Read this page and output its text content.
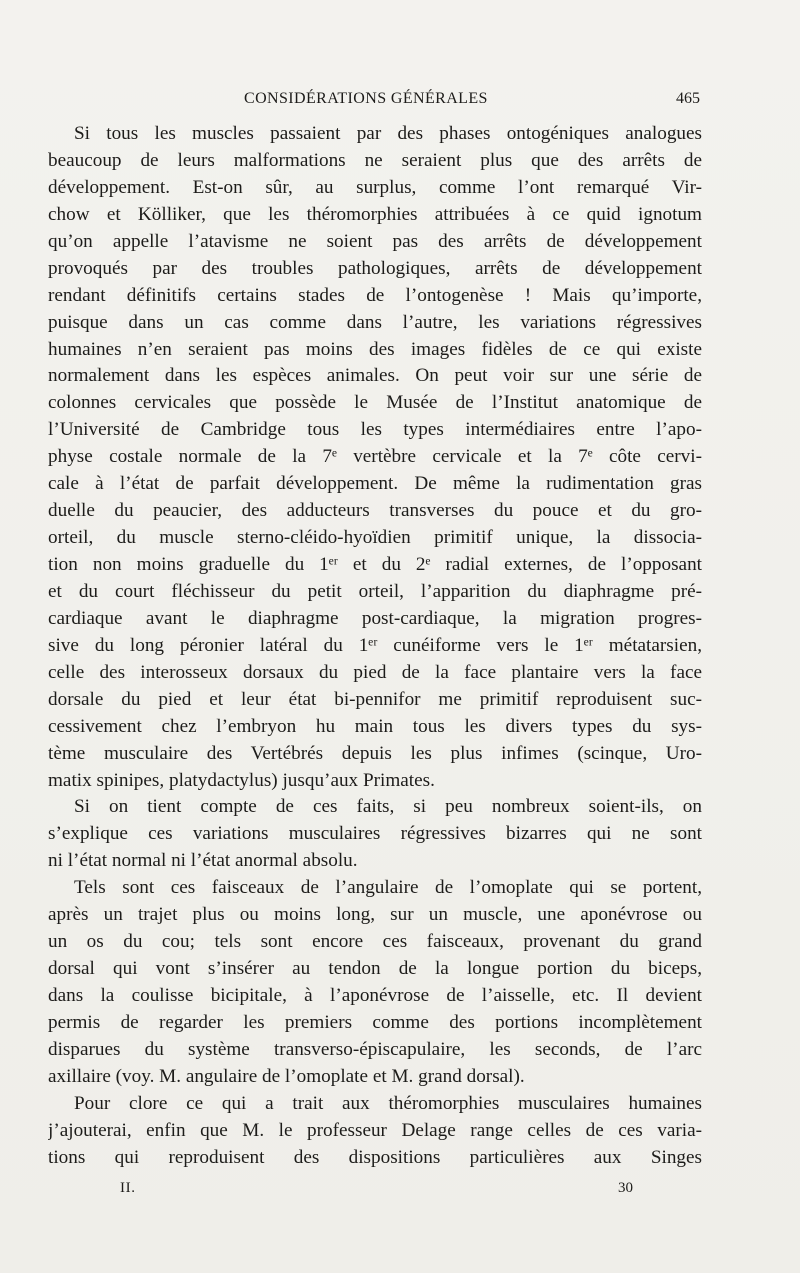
CONSIDÉRATIONS GÉNÉRALES	465
Si tous les muscles passaient par des phases ontogéniques analogues
beaucoup de leurs malformations ne seraient plus que des arrêts de
développement. Est-on sûr, au surplus, comme l’ont remarqué Vir-
chow et Kölliker, que les théromorphies attribuées à ce quid ignotum
qu’on appelle l’atavisme ne soient pas des arrêts de développement
provoqués par des troubles pathologiques, arrêts de développement
rendant définitifs certains stades de l’ontogenèse ! Mais qu’importe,
puisque dans un cas comme dans l’autre, les variations régressives
humaines n’en seraient pas moins des images fidèles de ce qui existe
normalement dans les espèces animales. On peut voir sur une série de
colonnes cervicales que possède le Musée de l’Institut anatomique de
l’Université de Cambridge tous les types intermédiaires entre l’apo-
physe costale normale de la 7ᵉ vertèbre cervicale et la 7ᵉ côte cervi-
cale à l’état de parfait développement. De même la rudimentation gras
duelle du peaucier, des adducteurs transverses du pouce et du gro-
orteil, du muscle sterno-cléido-hyoïdien primitif unique, la dissocia-
tion non moins graduelle du 1ᵉʳ et du 2ᵉ radial externes, de l’opposant
et du court fléchisseur du petit orteil, l’apparition du diaphragme pré-
cardiaque avant le diaphragme post-cardiaque, la migration progres-
sive du long péronier latéral du 1ᵉʳ cunéiforme vers le 1ᵉʳ métatarsien,
celle des interosseux dorsaux du pied de la face plantaire vers la face
dorsale du pied et leur état bi-pennifor me primitif reproduisent suc-
cessivement chez l’embryon hu main tous les divers types du sys-
tème musculaire des Vertébrés depuis les plus infimes (scinque, Uro-
matix spinipes, platydactylus) jusqu’aux Primates.
Si on tient compte de ces faits, si peu nombreux soient-ils, on
s’explique ces variations musculaires régressives bizarres qui ne sont
ni l’état normal ni l’état anormal absolu.
Tels sont ces faisceaux de l’angulaire de l’omoplate qui se portent,
après un trajet plus ou moins long, sur un muscle, une aponévrose ou
un os du cou; tels sont encore ces faisceaux, provenant du grand
dorsal qui vont s’insérer au tendon de la longue portion du biceps,
dans la coulisse bicipitale, à l’aponévrose de l’aisselle, etc. Il devient
permis de regarder les premiers comme des portions incomplètement
disparues du système transverso-épiscapulaire, les seconds, de l’arc
axillaire (voy. M. angulaire de l’omoplate et M. grand dorsal).
Pour clore ce qui a trait aux théromorphies musculaires humaines
j’ajouterai, enfin que M. le professeur Delage range celles de ces varia-
tions qui reproduisent des dispositions particulières aux Singes
II.	30
